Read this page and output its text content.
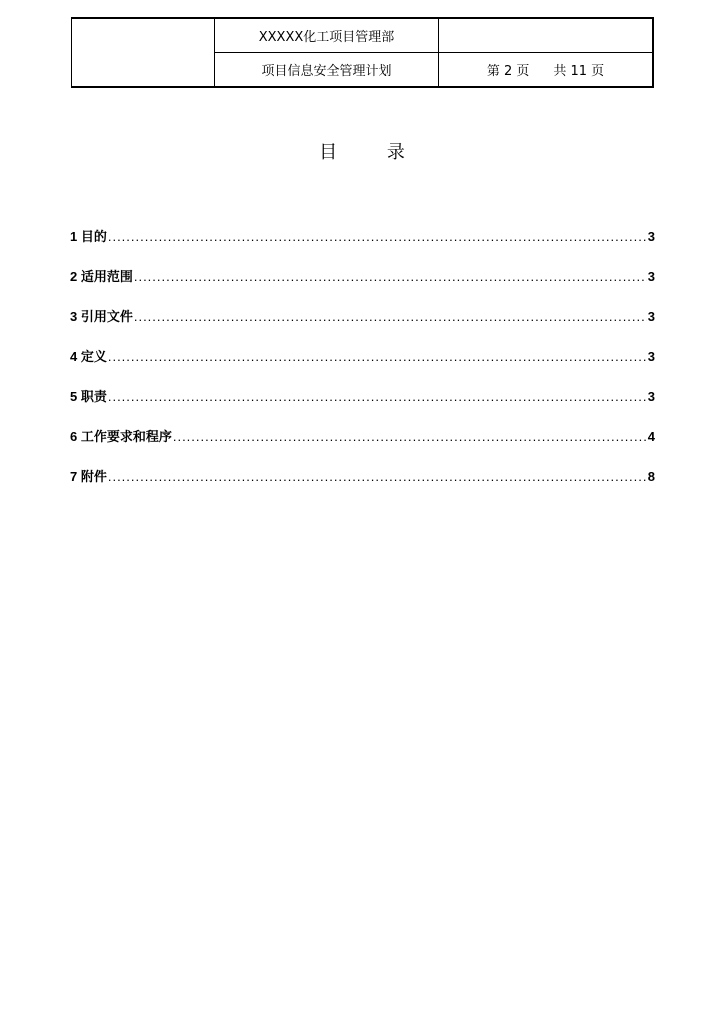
XXXXX化工项目管理部
项目信息安全管理计划	第 2 页 共 11 页
目 录
1 目的 .....	3
2 适用范围 .....	3
3 引用文件 .....	3
4 定义 .....	3
5 职责 .....	3
6 工作要求和程序 .....	4
7 附件 .....	8
